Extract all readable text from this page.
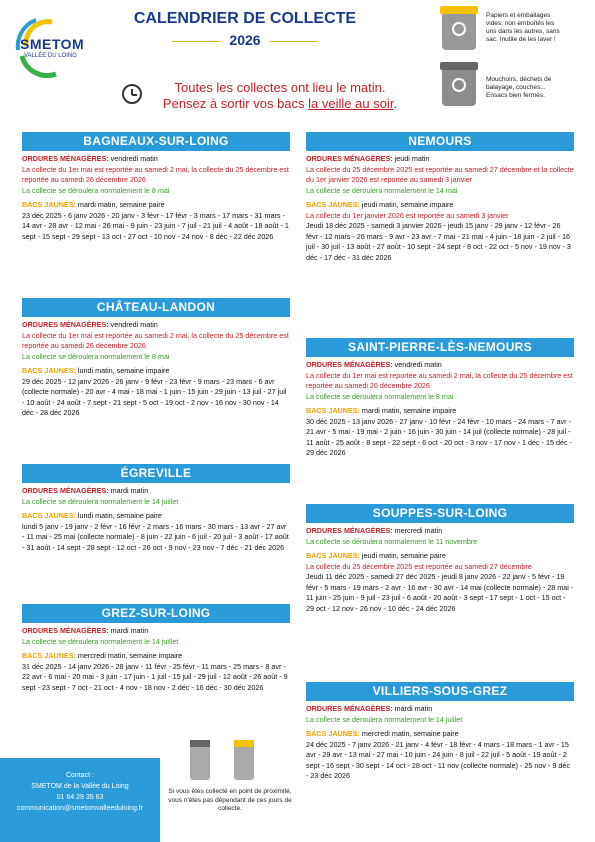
SMETOM
VALLÉE DU LOING
CALENDRIER DE COLLECTE
2026
Papiers et emballages vides, non emboîtés les uns dans les autres, sans sac. Inutile de les laver !
Mouchoirs, déchets de balayage, couches... Ensacs bien fermés.
Toutes les collectes ont lieu le matin.
Pensez à sortir vos bacs la veille au soir.
BAGNEAUX-SUR-LOING
ORDURES MÉNAGÈRES: vendredi matin
La collecte du 1er mai est reportée au samedi 2 mai, la collecte du 25 décembre est reportée au samedi 26 décembre 2026
La collecte se déroulera normalement le 8 mai
BACS JAUNES: mardi matin, semaine paire
23 déc 2025 - 6 janv 2026 - 20 janv - 3 févr - 17 févr - 3 mars - 17 mars - 31 mars - 14 avr - 28 avr - 12 mai - 26 mai - 9 juin - 23 juin - 7 juil - 21 juil - 4 août - 18 août - 1 sept - 15 sept - 29 sept - 13 oct - 27 oct - 10 nov - 24 nov - 8 déc - 22 déc 2026
CHÂTEAU-LANDON
ORDURES MÉNAGÈRES: vendredi matin
La collecte du 1er mai est reportée au samedi 2 mai, la collecte du 25 décembre est reportée au samedi 26 décembre 2026
La collecte se déroulera normalement le 8 mai
BACS JAUNES: lundi matin, semaine impaire
29 déc 2025 - 12 janv 2026 - 26 janv - 9 févr - 23 févr - 9 mars - 23 mars - 6 avr (collecte normale) - 20 avr - 4 mai - 18 mai - 1 juin - 15 juin - 29 juin - 13 juil - 27 juil - 10 août - 24 août - 7 sept - 21 sept - 5 oct - 19 oct - 2 nov - 16 nov - 30 nov - 14 déc - 28 déc 2026
ÉGREVILLE
ORDURES MÉNAGÈRES: mardi matin
La collecte se déroulera normalement le 14 juillet
BACS JAUNES: lundi matin, semaine paire
lundi 5 janv - 19 janv - 2 févr - 16 févr - 2 mars - 16 mars - 30 mars - 13 avr - 27 avr - 11 mai - 25 mai (collecte normale) - 8 juin - 22 juin - 6 juil - 20 juil - 3 août - 17 août - 31 août - 14 sept - 28 sept - 12 oct - 26 oct - 9 nov - 23 nov - 7 déc - 21 déc 2026
GREZ-SUR-LOING
ORDURES MÉNAGÈRES: mardi matin
La collecte se déroulera normalement le 14 juillet
BACS JAUNES: mercredi matin, semaine impaire
31 déc 2025 - 14 janv 2026 - 28 janv - 11 févr - 25 févr - 11 mars - 25 mars - 8 avr - 22 avr - 6 mai - 20 mai - 3 juin - 17 juin - 1 juil - 15 juil - 29 juil - 12 août - 26 août - 9 sept - 23 sept - 7 oct - 21 oct - 4 nov - 18 nov - 2 déc - 16 déc - 30 déc 2026
NEMOURS
ORDURES MÉNAGÈRES: jeudi matin
La collecte du 25 décembre 2025 est reportée au samedi 27 décembre et la collecte du 1er janvier 2026 est reportée au samedi 3 janvier
La collecte se déroulera normalement le 14 mai
BACS JAUNES: jeudi matin, semaine impaire
La collecte du 1er janvier 2026 est reportée au samedi 3 janvier
Jeudi 18 déc 2025 - samedi 3 janvier 2026 - jeudi 15 janv - 29 janv - 12 févr - 26 févr - 12 mars - 26 mars - 9 avr - 23 avr - 7 mai - 21 mai - 4 juin - 18 juin - 2 juil - 16 juil - 30 juil - 13 août - 27 août - 10 sept - 24 sept - 8 oct - 22 oct - 5 nov - 19 nov - 3 déc - 17 déc - 31 déc 2026
SAINT-PIERRE-LÈS-NEMOURS
ORDURES MÉNAGÈRES: vendredi matin
La collecte du 1er mai est reportée au samedi 2 mai, la collecte du 25 décembre est reportée au samedi 26 décembre 2026
La collecte se déroulera normalement le 8 mai
BACS JAUNES: mardi matin, semaine impaire
30 déc 2025 - 13 janv 2026 - 27 janv - 10 févr - 24 févr - 10 mars - 24 mars - 7 avr - 21 avr - 5 mai - 19 mai - 2 juin - 16 juin - 30 juin - 14 juil (collecte normale) - 28 juil - 11 août - 25 août - 8 sept - 22 sept - 6 oct - 20 oct - 3 nov - 17 nov - 1 déc - 15 déc - 29 déc 2026
SOUPPES-SUR-LOING
ORDURES MÉNAGÈRES: mercredi matin
La collecte se déroulera normalement le 11 novembre
BACS JAUNES: jeudi matin, semaine paire
La collecte du 25 décembre 2025 est reportée au samedi 27 décembre
Jeudi 11 déc 2025 - samedi 27 déc 2025 - jeudi 8 janv 2026 - 22 janv - 5 févr - 19 févr - 5 mars - 19 mars - 2 avr - 16 avr - 30 avr - 14 mai (collecte normale) - 28 mai - 11 juin - 25 juin - 9 juil - 23 juil - 6 août - 20 août - 3 sept - 17 sept - 1 oct - 15 oct - 29 oct - 12 nov - 26 nov - 10 déc - 24 déc 2026
VILLIERS-SOUS-GREZ
ORDURES MÉNAGÈRES: mardi matin
La collecte se déroulera normalement le 14 juillet
BACS JAUNES: mercredi matin, semaine paire
24 déc 2025 - 7 janv 2026 - 21 janv - 4 févr - 18 févr - 4 mars - 18 mars - 1 avr - 15 avr - 29 avr - 13 mai - 27 mai - 10 juin - 24 juin - 8 juil - 22 juil - 5 août - 19 août - 2 sept - 16 sept - 30 sept - 14 oct - 28 oct - 11 nov (collecte normale) - 25 nov - 9 déc - 23 déc 2026
Contact :
SMETOM de la Vallée du Loing
01 64 29 35 63
communication@smetomvalleeduloing.fr
Si vous êtes collecté en point de proximité, vous n'êtes pas dépendant de ces jours de collecte.
